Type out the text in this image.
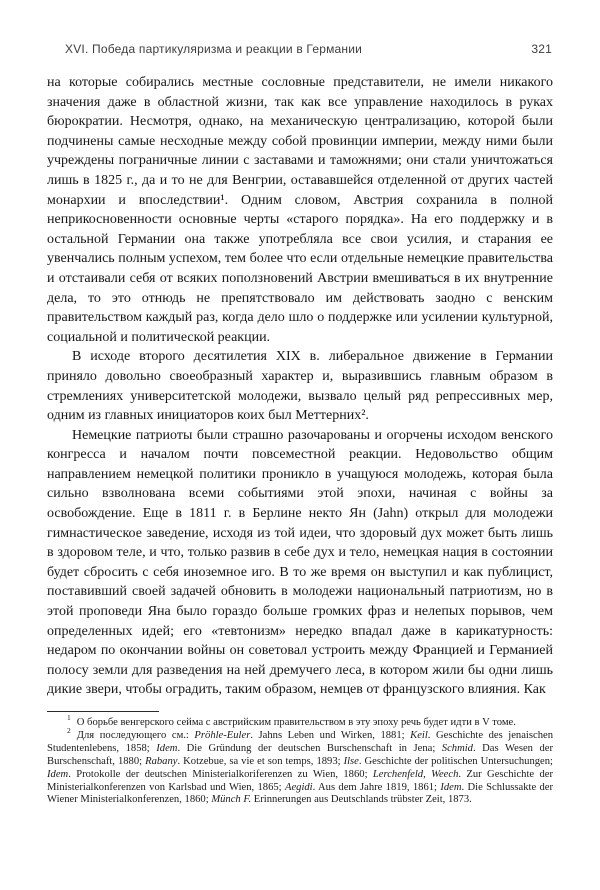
XVI. Победа партикуляризма и реакции в Германии	321

на которые собирались местные сословные представители, не имели никакого значения даже в областной жизни, так как все управление находилось в руках бюрократии. Несмотря, однако, на механическую централизацию, которой были подчинены самые несходные между собой провинции империи, между ними были учреждены пограничные линии с заставами и таможнями; они стали уничтожаться лишь в 1825 г., да и то не для Венгрии, остававшейся отделенной от других частей монархии и впоследствии¹. Одним словом, Австрия сохранила в полной неприкосновенности основные черты «старого порядка». На его поддержку и в остальной Германии она также употребляла все свои усилия, и старания ее увенчались полным успехом, тем более что если отдельные немецкие правительства и отстаивали себя от всяких поползновений Австрии вмешиваться в их внутренние дела, то это отнюдь не препятствовало им действовать заодно с венским правительством каждый раз, когда дело шло о поддержке или усилении культурной, социальной и политической реакции.

В исходе второго десятилетия XIX в. либеральное движение в Германии приняло довольно своеобразный характер и, выразившись главным образом в стремлениях университетской молодежи, вызвало целый ряд репрессивных мер, одним из главных инициаторов коих был Меттерних².

Немецкие патриоты были страшно разочарованы и огорчены исходом венского конгресса и началом почти повсеместной реакции. Недовольство общим направлением немецкой политики проникло в учащуюся молодежь, которая была сильно взволнована всеми событиями этой эпохи, начиная с войны за освобождение. Еще в 1811 г. в Берлине некто Ян (Jahn) открыл для молодежи гимнастическое заведение, исходя из той идеи, что здоровый дух может быть лишь в здоровом теле, и что, только развив в себе дух и тело, немецкая нация в состоянии будет сбросить с себя иноземное иго. В то же время он выступил и как публицист, поставивший своей задачей обновить в молодежи национальный патриотизм, но в этой проповеди Яна было гораздо больше громких фраз и нелепых порывов, чем определенных идей; его «тевтонизм» нередко впадал даже в карикатурность: недаром по окончании войны он советовал устроить между Францией и Германией полосу земли для разведения на ней дремучего леса, в котором жили бы одни лишь дикие звери, чтобы оградить, таким образом, немцев от французского влияния. Как

$^1$ О борьбе венгерского сейма с австрийским правительством в эту эпоху речь будет идти в V томе.

$^2$ Для последующего см.: Pröhle-Euler. Jahns Leben und Wirken, 1881; Keil. Geschichte des jenaischen Studentenlebens, 1858; Idem. Die Gründung der deutschen Burschenschaft in Jena; Schmid. Das Wesen der Burschenschaft, 1880; Rabany. Kotzebue, sa vie et son temps, 1893; Ilse. Geschichte der politischen Untersuchungen; Idem. Protokolle der deutschen Ministerialkoriferenzen zu Wien, 1860; Lerchenfeld, Weech. Zur Geschichte der Ministerialkonferenzen von Karlsbad und Wien, 1865; Aegidi. Aus dem Jahre 1819, 1861; Idem. Die Schlussakte der Wiener Ministerialkonferenzen, 1860; Münch F. Erinnerungen aus Deutschlands trübster Zeit, 1873.
